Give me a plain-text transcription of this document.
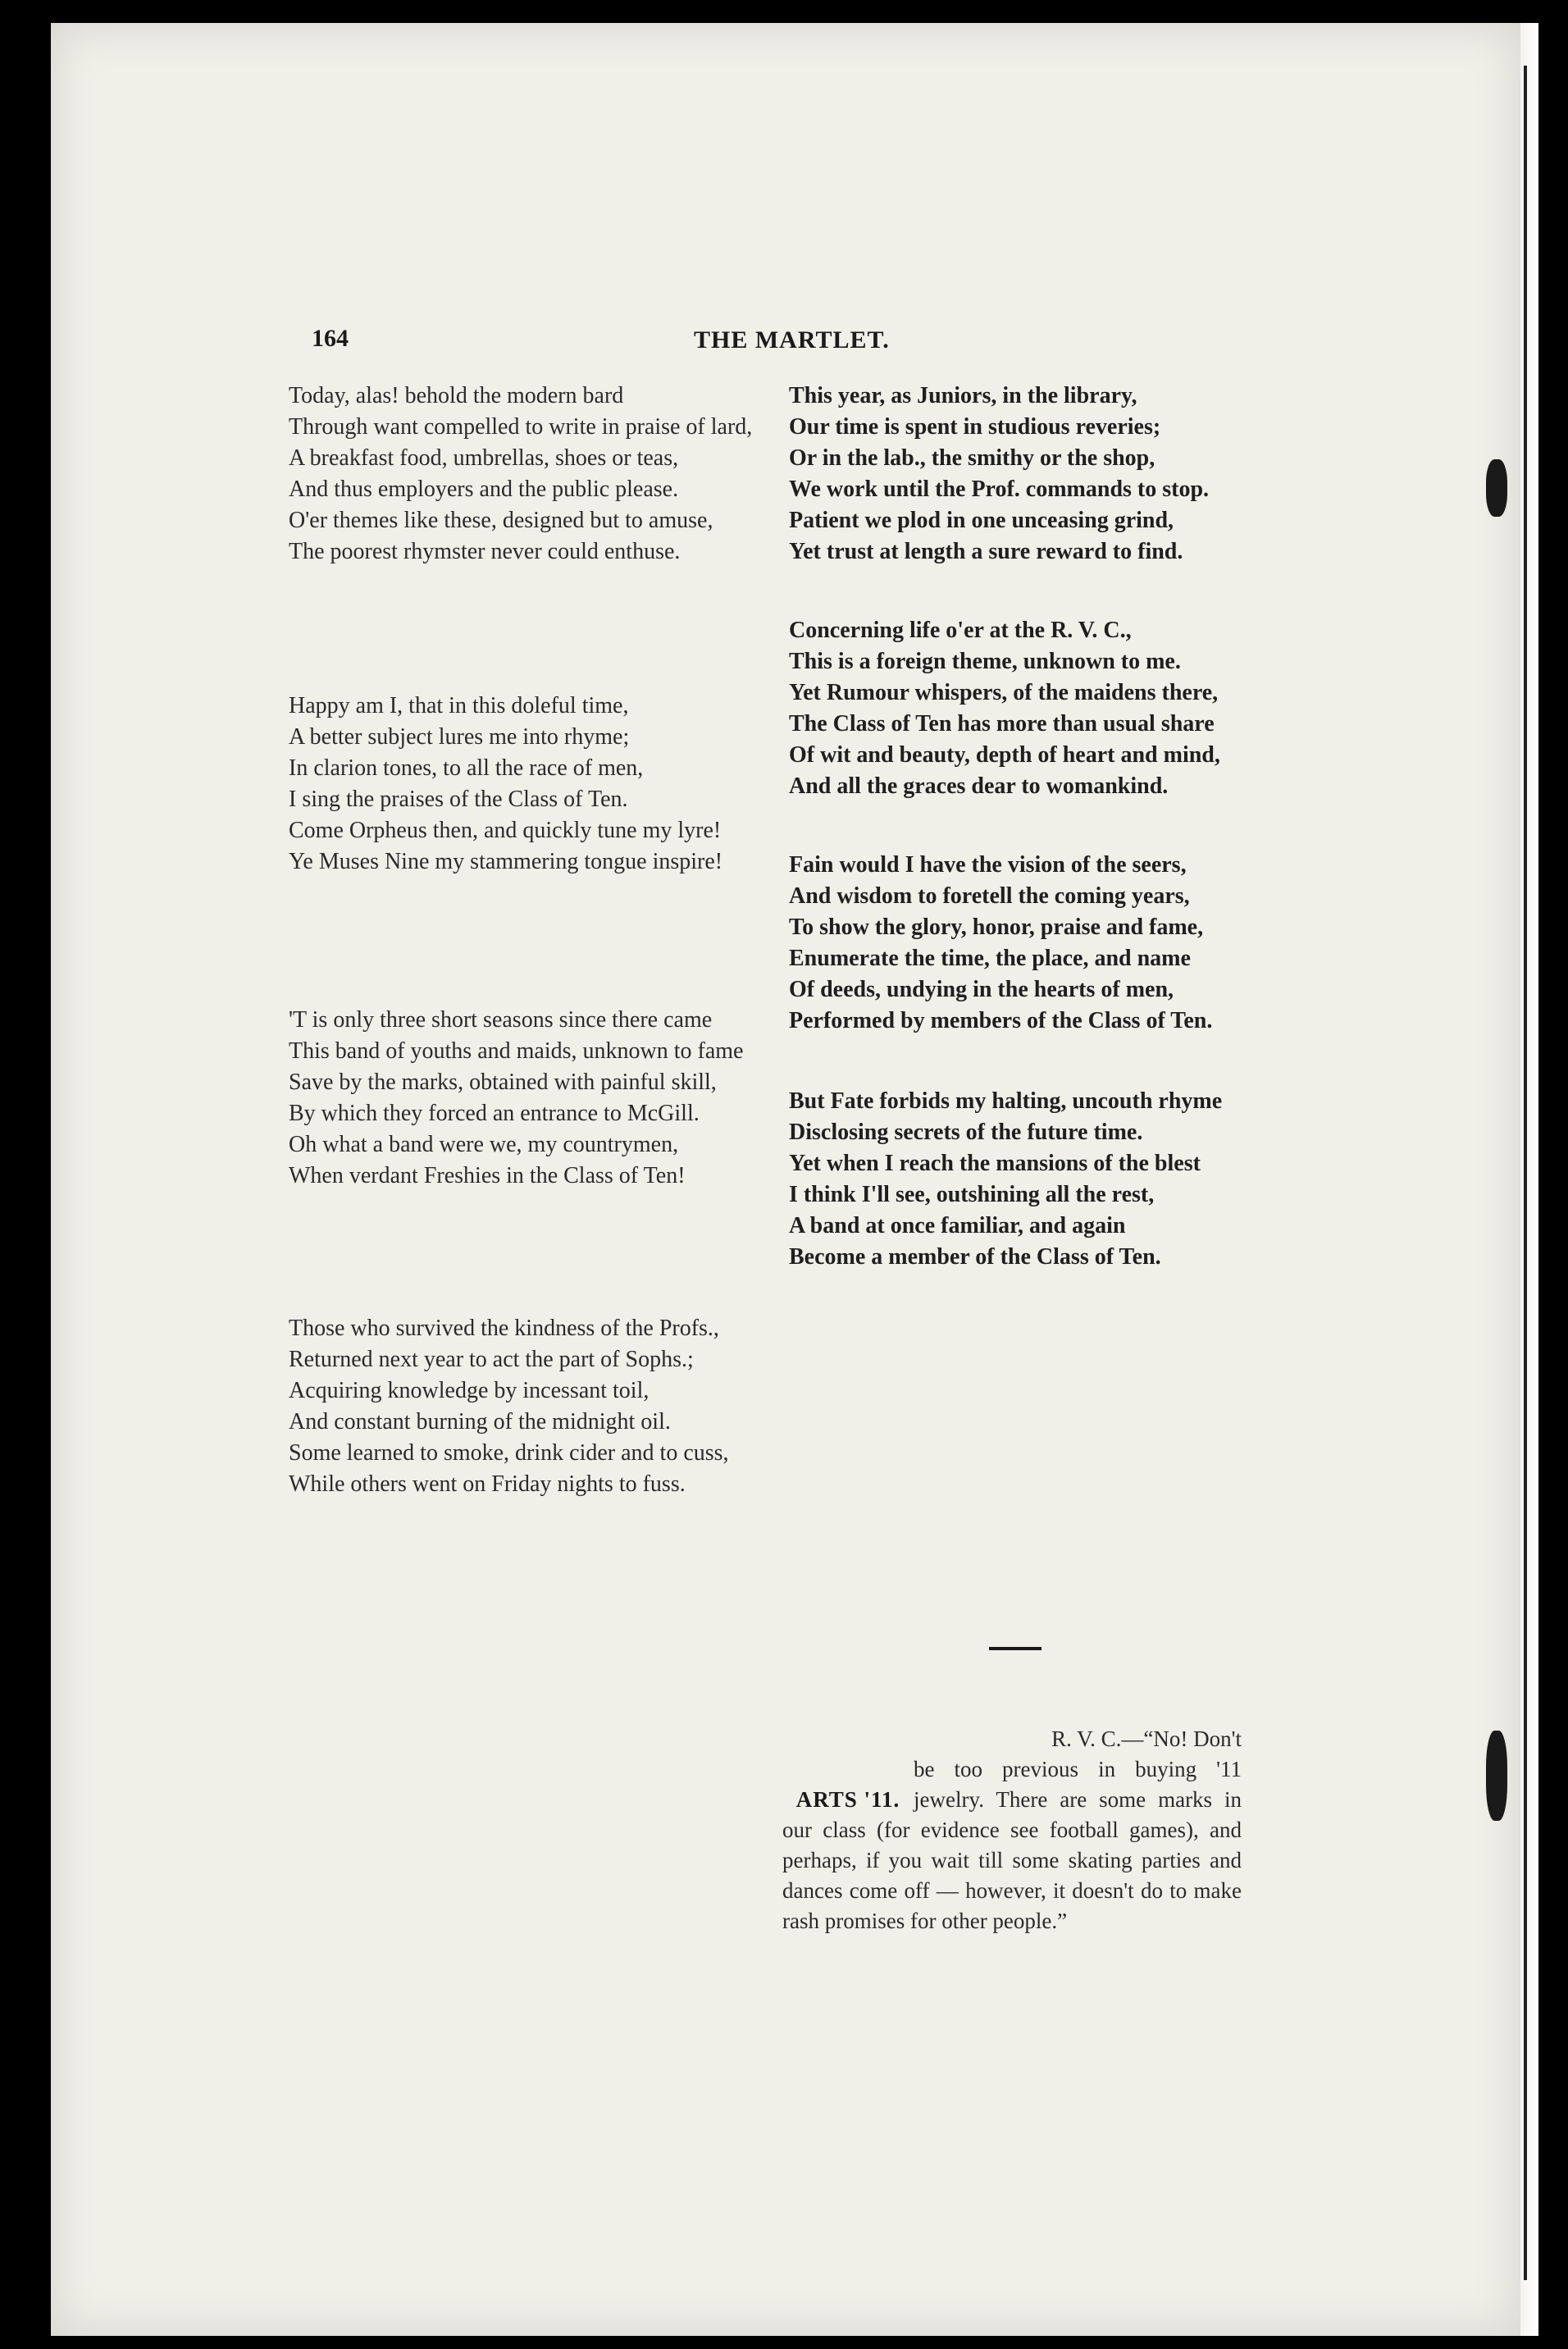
164	THE MARTLET.

Today, alas! behold the modern bard

Through want compelled to write in praise of lard,

A breakfast food, umbrellas, shoes or teas,

And thus employers and the public please.

O'er themes like these, designed but to amuse,

The poorest rhymster never could enthuse.

Happy am I, that in this doleful time,

A better subject lures me into rhyme;

In clarion tones, to all the race of men,

I sing the praises of the Class of Ten.

Come Orpheus then, and quickly tune my lyre!

Ye Muses Nine my stammering tongue inspire!

'T is only three short seasons since there came

This band of youths and maids, unknown to fame

Save by the marks, obtained with painful skill,

By which they forced an entrance to McGill.

Oh what a band were we, my countrymen,

When verdant Freshies in the Class of Ten!

Those who survived the kindness of the Profs.,

Returned next year to act the part of Sophs.;

Acquiring knowledge by incessant toil,

And constant burning of the midnight oil.

Some learned to smoke, drink cider and to cuss,

While others went on Friday nights to fuss.

This year, as Juniors, in the library,

Our time is spent in studious reveries;

Or in the lab., the smithy or the shop,

We work until the Prof. commands to stop.

Patient we plod in one unceasing grind,

Yet trust at length a sure reward to find.

Concerning life o'er at the R. V. C.,

This is a foreign theme, unknown to me.

Yet Rumour whispers, of the maidens there,

The Class of Ten has more than usual share

Of wit and beauty, depth of heart and mind,

And all the graces dear to womankind.

Fain would I have the vision of the seers,

And wisdom to foretell the coming years,

To show the glory, honor, praise and fame,

Enumerate the time, the place, and name

Of deeds, undying in the hearts of men,

Performed by members of the Class of Ten.

But Fate forbids my halting, uncouth rhyme

Disclosing secrets of the future time.

Yet when I reach the mansions of the blest

I think I'll see, outshining all the rest,

A band at once familiar, and again

Become a member of the Class of Ten.

R. V. C.—“No! Don't
ARTS '11.
be too previous in buying '11 jewelry. There are some marks in our class (for evidence see football games), and perhaps, if you wait till some skating parties and dances come off — however, it doesn't do to make rash promises for other people.”
